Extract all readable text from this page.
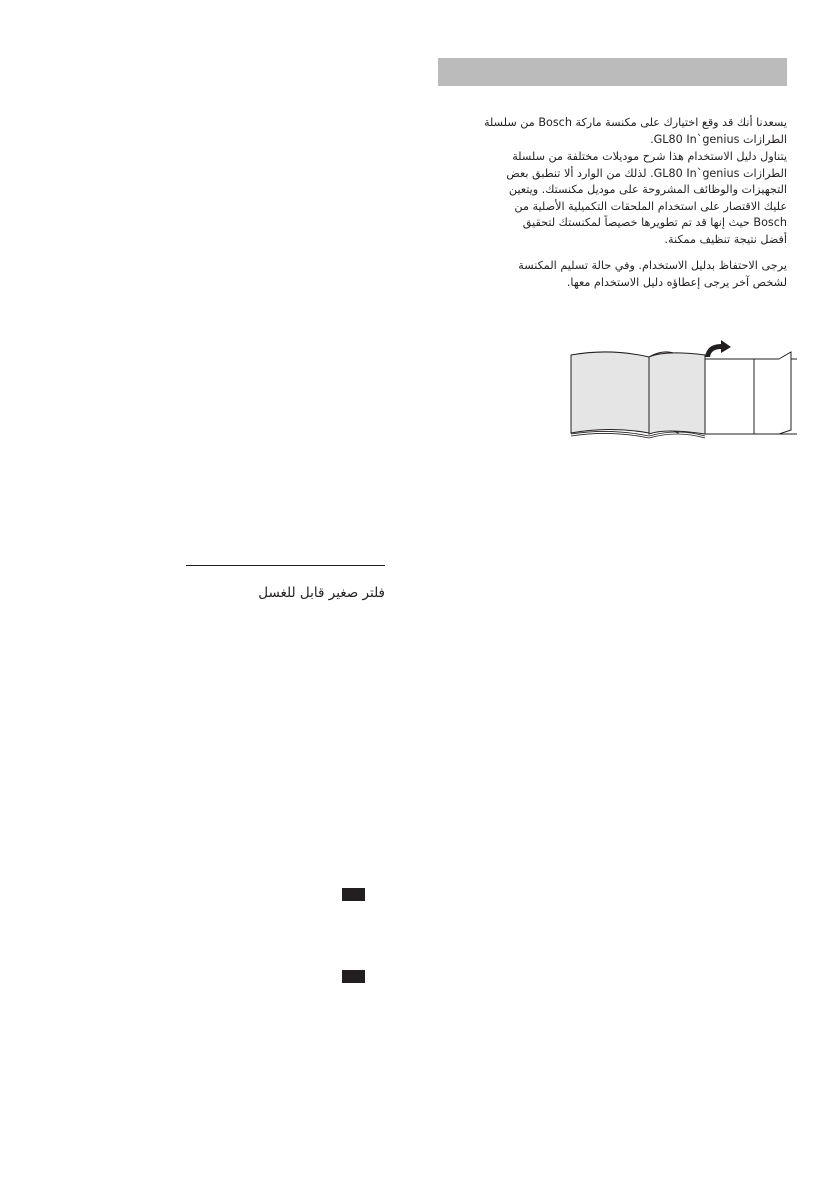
يسعدنا أنك قد وقع اختيارك على مكنسة ماركة Bosch من سلسلة
الطرازات GL80 In`genius.
يتناول دليل الاستخدام هذا شرح موديلات مختلفة من سلسلة
الطرازات GL80 In`genius. لذلك من الوارد ألا تنطبق بعض
التجهيزات والوظائف المشروحة على موديل مكنستك. ويتعين
عليك الاقتصار على استخدام الملحقات التكميلية الأصلية من
Bosch حيث إنها قد تم تطويرها خصيصاً لمكنستك لتحقيق
أفضل نتيجة تنظيف ممكنة.
يرجى الاحتفاظ بدليل الاستخدام. وفي حالة تسليم المكنسة
لشخص آخر يرجى إعطاؤه دليل الاستخدام معها.
فلتر صغير قابل للغسل
